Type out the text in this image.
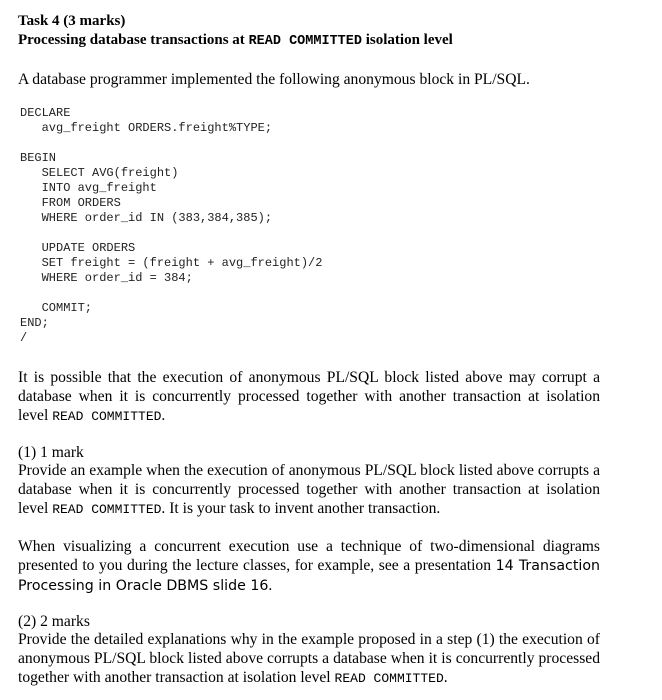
Task 4 (3 marks)
Processing database transactions at READ COMMITTED isolation level
A database programmer implemented the following anonymous block in PL/SQL.
DECLARE
avg_freight ORDERS.freight%TYPE;
BEGIN
SELECT AVG(freight)
INTO avg_freight
FROM ORDERS
WHERE order_id IN (383,384,385);

UPDATE ORDERS
SET freight = (freight + avg_freight)/2
WHERE order_id = 384;

COMMIT;
END;
/
It is possible that the execution of anonymous PL/SQL block listed above may corrupt a database when it is concurrently processed together with another transaction at isolation level READ COMMITTED.
(1) 1 mark
Provide an example when the execution of anonymous PL/SQL block listed above corrupts a database when it is concurrently processed together with another transaction at isolation level READ COMMITTED. It is your task to invent another transaction.
When visualizing a concurrent execution use a technique of two-dimensional diagrams presented to you during the lecture classes, for example, see a presentation 14 Transaction Processing in Oracle DBMS slide 16.
(2) 2 marks
Provide the detailed explanations why in the example proposed in a step (1) the execution of anonymous PL/SQL block listed above corrupts a database when it is concurrently processed together with another transaction at isolation level READ COMMITTED.
